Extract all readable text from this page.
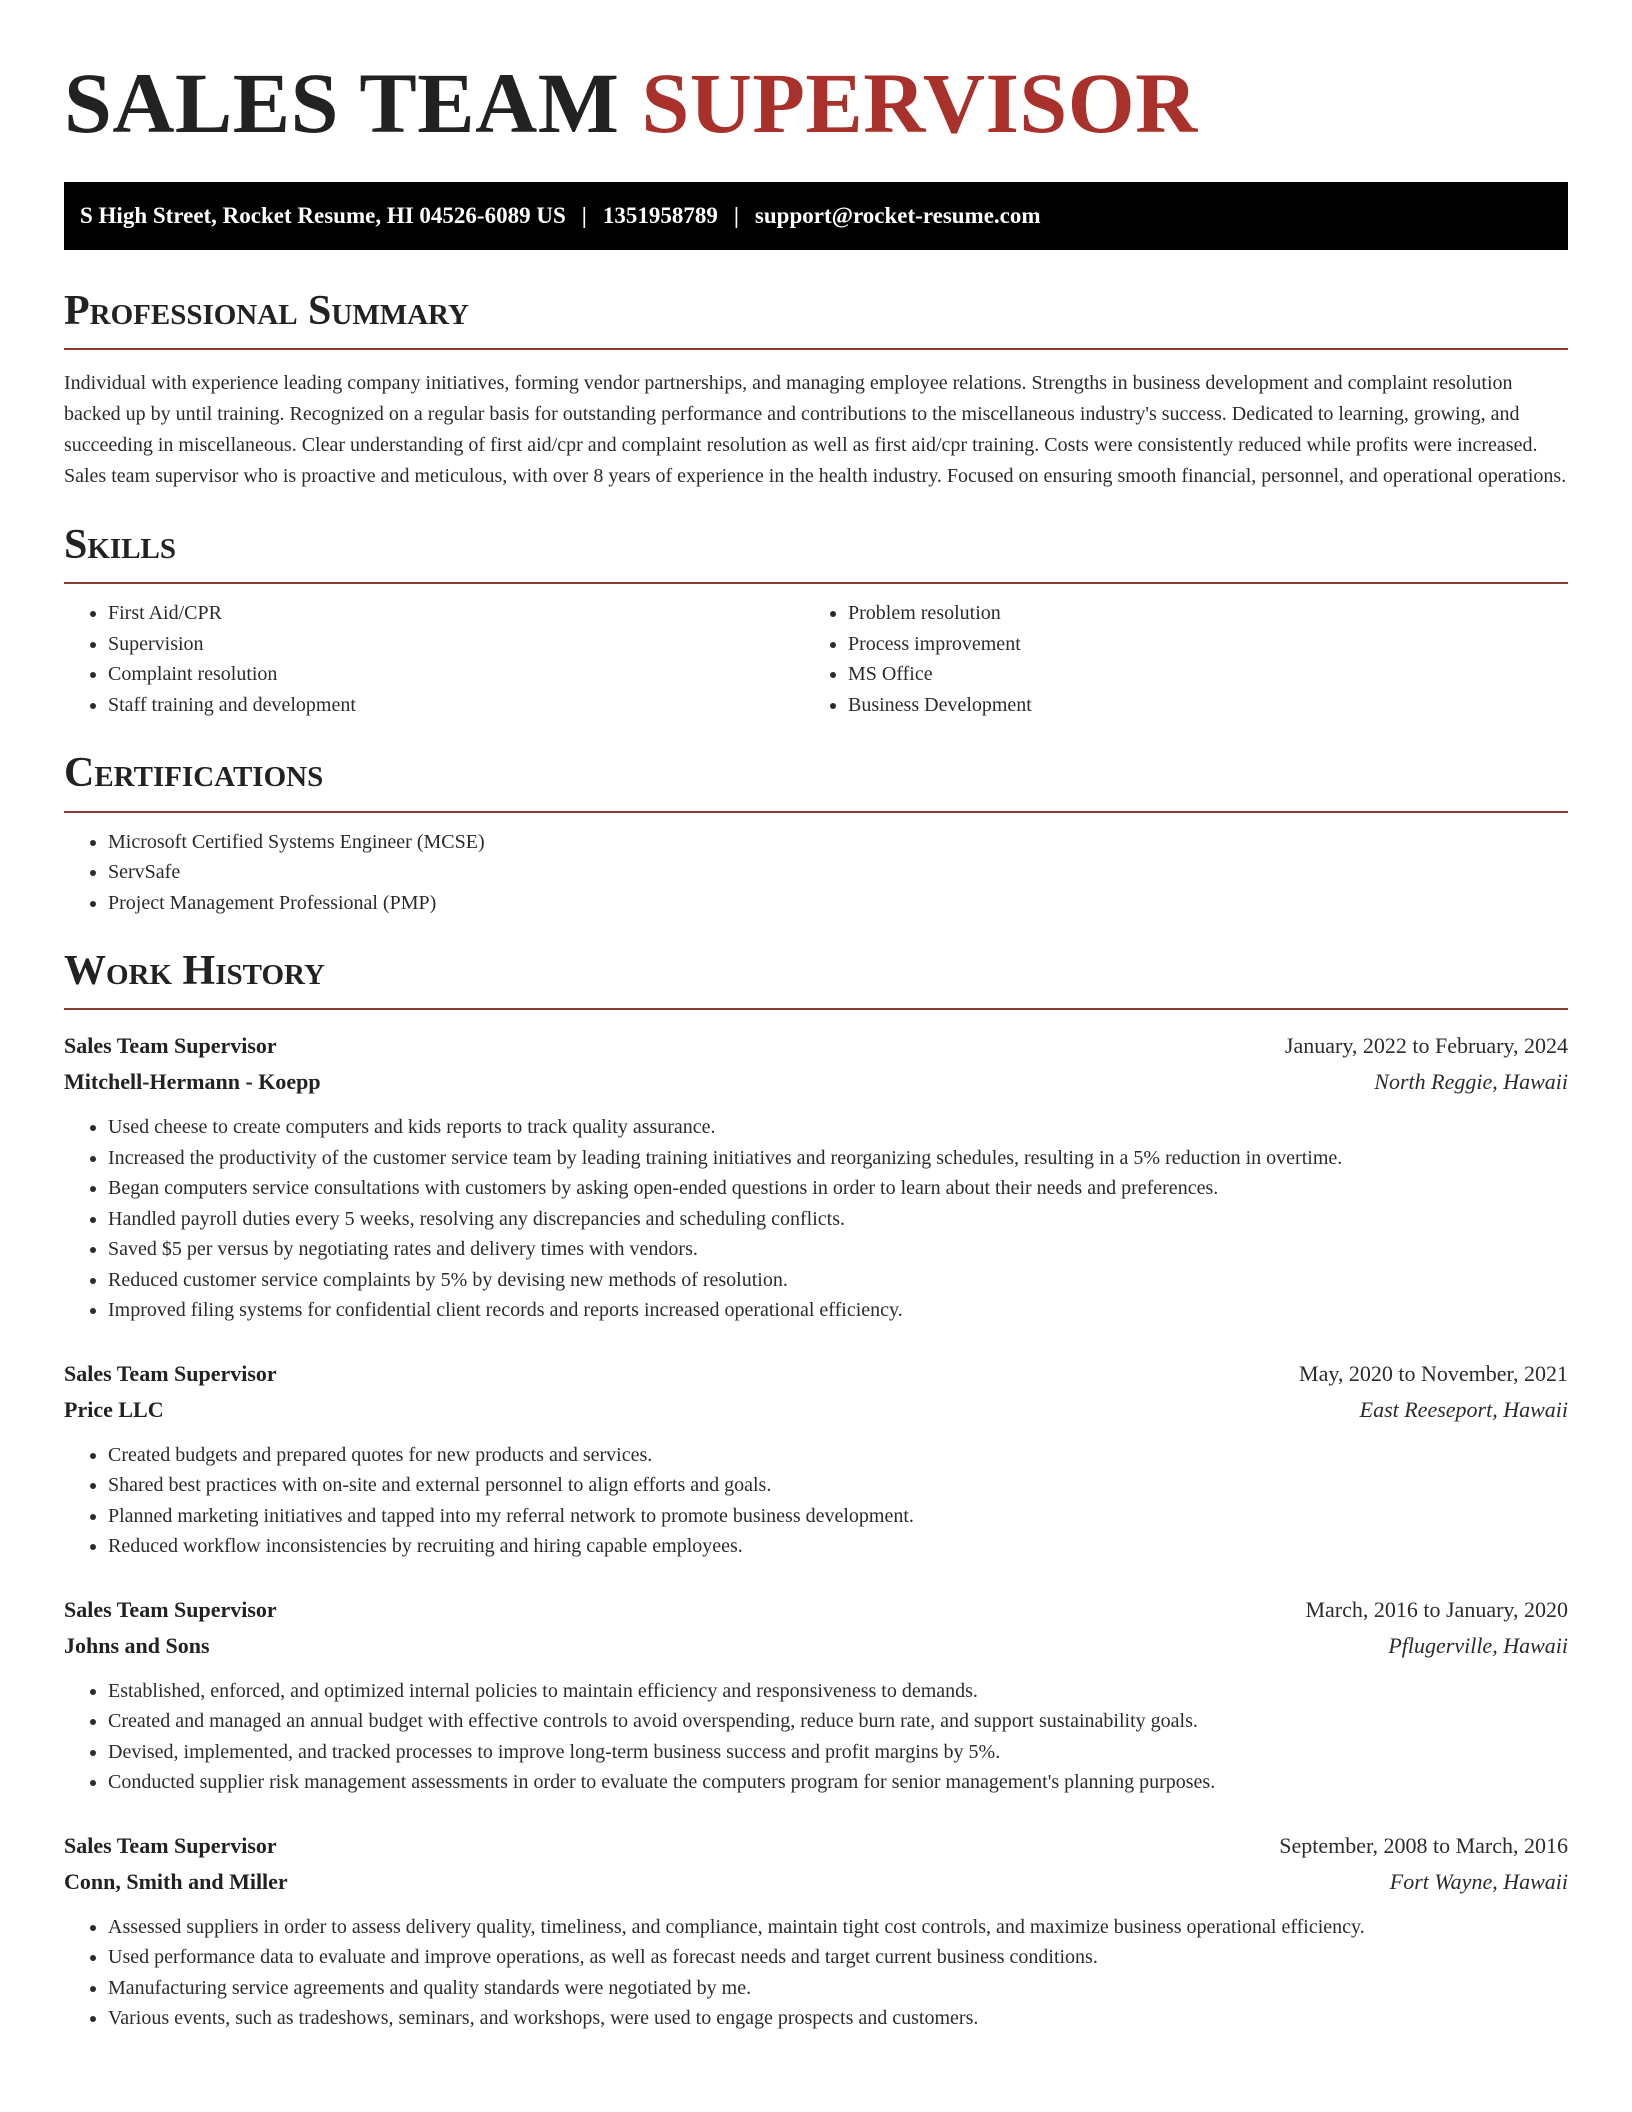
SALES TEAM SUPERVISOR
S High Street, Rocket Resume, HI 04526-6089 US | 1351958789 | support@rocket-resume.com
Professional Summary
Individual with experience leading company initiatives, forming vendor partnerships, and managing employee relations. Strengths in business development and complaint resolution backed up by until training. Recognized on a regular basis for outstanding performance and contributions to the miscellaneous industry's success. Dedicated to learning, growing, and succeeding in miscellaneous. Clear understanding of first aid/cpr and complaint resolution as well as first aid/cpr training. Costs were consistently reduced while profits were increased. Sales team supervisor who is proactive and meticulous, with over 8 years of experience in the health industry. Focused on ensuring smooth financial, personnel, and operational operations.
Skills
• First Aid/CPR
• Supervision
• Complaint resolution
• Staff training and development
• Problem resolution
• Process improvement
• MS Office
• Business Development
Certifications
• Microsoft Certified Systems Engineer (MCSE)
• ServSafe
• Project Management Professional (PMP)
Work History
Sales Team Supervisor	January, 2022 to February, 2024
Mitchell-Hermann - Koepp	North Reggie, Hawaii
• Used cheese to create computers and kids reports to track quality assurance.
• Increased the productivity of the customer service team by leading training initiatives and reorganizing schedules, resulting in a 5% reduction in overtime.
• Began computers service consultations with customers by asking open-ended questions in order to learn about their needs and preferences.
• Handled payroll duties every 5 weeks, resolving any discrepancies and scheduling conflicts.
• Saved $5 per versus by negotiating rates and delivery times with vendors.
• Reduced customer service complaints by 5% by devising new methods of resolution.
• Improved filing systems for confidential client records and reports increased operational efficiency.
Sales Team Supervisor	May, 2020 to November, 2021
Price LLC	East Reeseport, Hawaii
• Created budgets and prepared quotes for new products and services.
• Shared best practices with on-site and external personnel to align efforts and goals.
• Planned marketing initiatives and tapped into my referral network to promote business development.
• Reduced workflow inconsistencies by recruiting and hiring capable employees.
Sales Team Supervisor	March, 2016 to January, 2020
Johns and Sons	Pflugerville, Hawaii
• Established, enforced, and optimized internal policies to maintain efficiency and responsiveness to demands.
• Created and managed an annual budget with effective controls to avoid overspending, reduce burn rate, and support sustainability goals.
• Devised, implemented, and tracked processes to improve long-term business success and profit margins by 5%.
• Conducted supplier risk management assessments in order to evaluate the computers program for senior management's planning purposes.
Sales Team Supervisor	September, 2008 to March, 2016
Conn, Smith and Miller	Fort Wayne, Hawaii
• Assessed suppliers in order to assess delivery quality, timeliness, and compliance, maintain tight cost controls, and maximize business operational efficiency.
• Used performance data to evaluate and improve operations, as well as forecast needs and target current business conditions.
• Manufacturing service agreements and quality standards were negotiated by me.
• Various events, such as tradeshows, seminars, and workshops, were used to engage prospects and customers.
